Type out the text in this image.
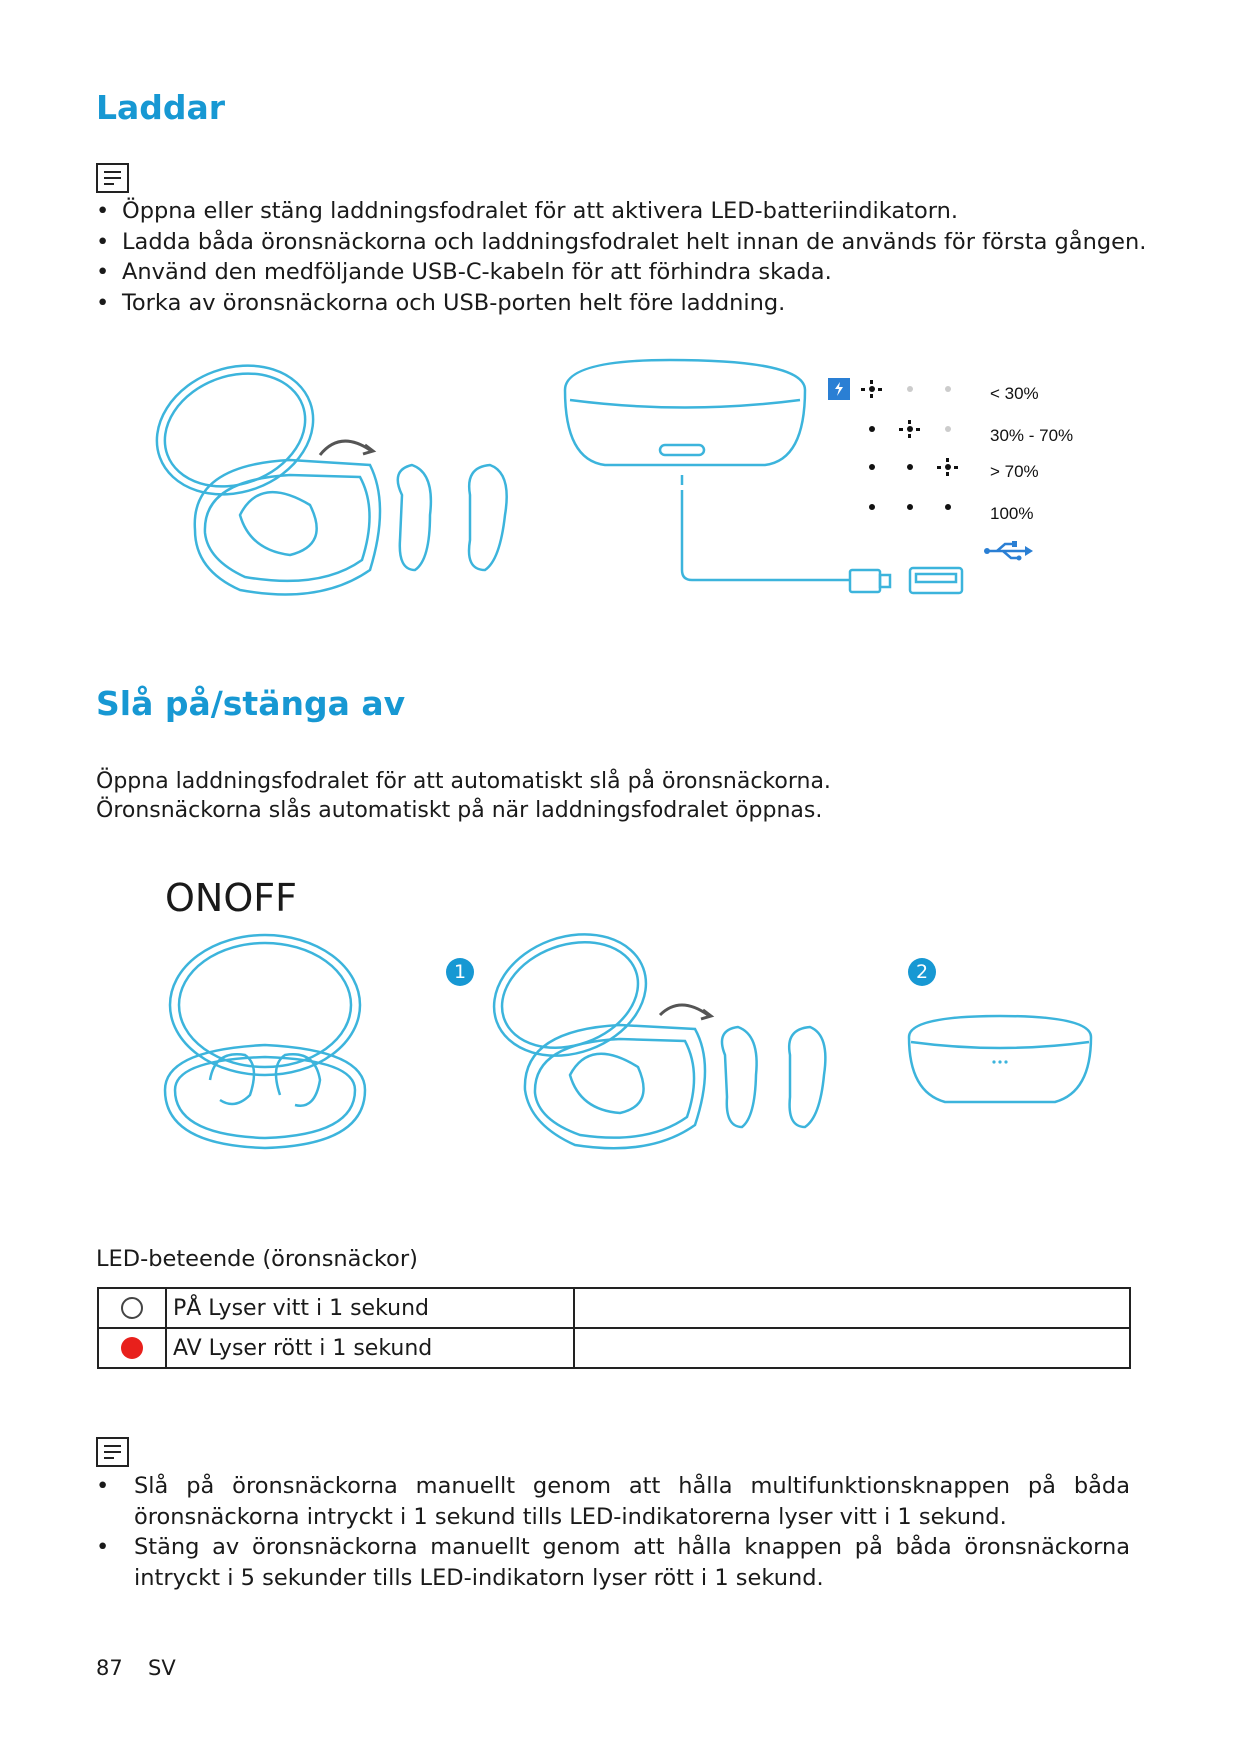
Laddar
• Öppna eller stäng laddningsfodralet för att aktivera LED-batteriindikatorn.
• Ladda båda öronsnäckorna och laddningsfodralet helt innan de används för första gången.
• Använd den medföljande USB-C-kabeln för att förhindra skada.
• Torka av öronsnäckorna och USB-porten helt före laddning.
< 30%
30% - 70%
> 70%
100%
Slå på/stänga av
Öppna laddningsfodralet för att automatiskt slå på öronsnäckorna.
Öronsnäckorna slås automatiskt på när laddningsfodralet öppnas.
ONOFF
1	2
LED-beteende (öronsnäckor)
	PÅ Lyser vitt i 1 sekund	

	AV Lyser rött i 1 sekund	
• Slå på öronsnäckorna manuellt genom att hålla multifunktionsknappen på båda öronsnäckorna intryckt i 1 sekund tills LED-indikatorerna lyser vitt i 1 sekund.
• Stäng av öronsnäckorna manuellt genom att hålla knappen på båda öronsnäckorna intryckt i 5 sekunder tills LED-indikatorn lyser rött i 1 sekund.
87 SV
